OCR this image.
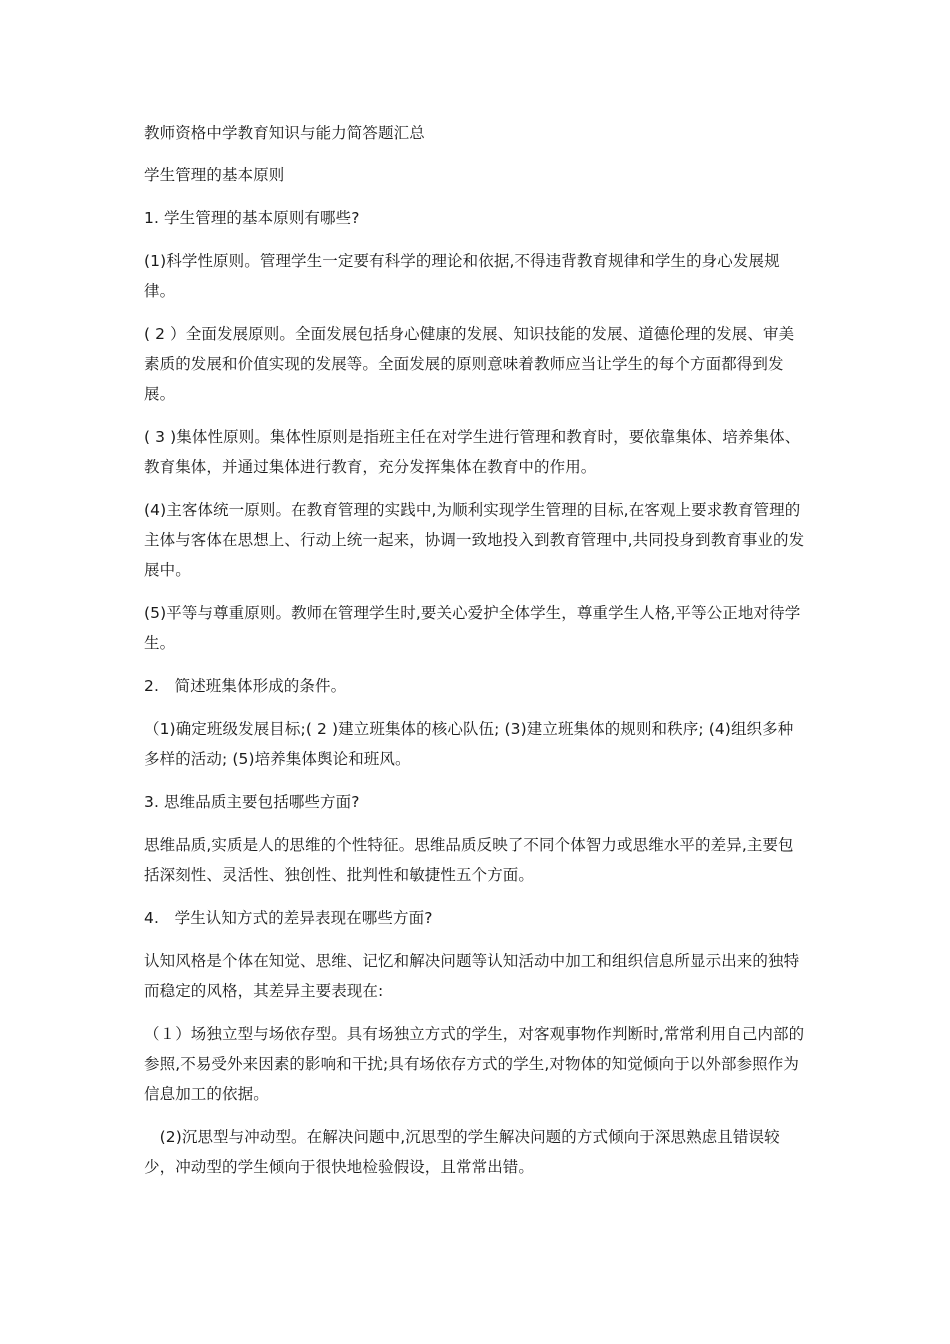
教师资格中学教育知识与能力简答题汇总

学生管理的基本原则

1. 学生管理的基本原则有哪些?

(1)科学性原则。管理学生一定要有科学的理论和依据,不得违背教育规律和学生的身心发展规律。

( 2 ）全面发展原则。全面发展包括身心健康的发展、知识技能的发展、道德伦理的发展、审美素质的发展和价值实现的发展等。全面发展的原则意味着教师应当让学生的每个方面都得到发展。

( 3 )集体性原则。集体性原则是指班主任在对学生进行管理和教育时，要依靠集体、培养集体、教育集体，并通过集体进行教育，充分发挥集体在教育中的作用。

(4)主客体统一原则。在教育管理的实践中,为顺利实现学生管理的目标,在客观上要求教育管理的主体与客体在思想上、行动上统一起来，协调一致地投入到教育管理中,共同投身到教育事业的发展中。

(5)平等与尊重原则。教师在管理学生时,要关心爱护全体学生，尊重学生人格,平等公正地对待学生。

2.　简述班集体形成的条件。

（1)确定班级发展目标;( 2 )建立班集体的核心队伍; (3)建立班集体的规则和秩序; (4)组织多种多样的活动; (5)培养集体舆论和班风。

3. 思维品质主要包括哪些方面?

思维品质,实质是人的思维的个性特征。思维品质反映了不同个体智力或思维水平的差异,主要包括深刻性、灵活性、独创性、批判性和敏捷性五个方面。

4.　学生认知方式的差异表现在哪些方面?

认知风格是个体在知觉、思维、记忆和解决问题等认知活动中加工和组织信息所显示出来的独特而稳定的风格，其差异主要表现在:

（１）场独立型与场依存型。具有场独立方式的学生，对客观事物作判断时,常常利用自己内部的参照,不易受外来因素的影响和干扰;具有场依存方式的学生,对物体的知觉倾向于以外部参照作为信息加工的依据。

　(2)沉思型与冲动型。在解决问题中,沉思型的学生解决问题的方式倾向于深思熟虑且错误较少，冲动型的学生倾向于很快地检验假设，且常常出错。
